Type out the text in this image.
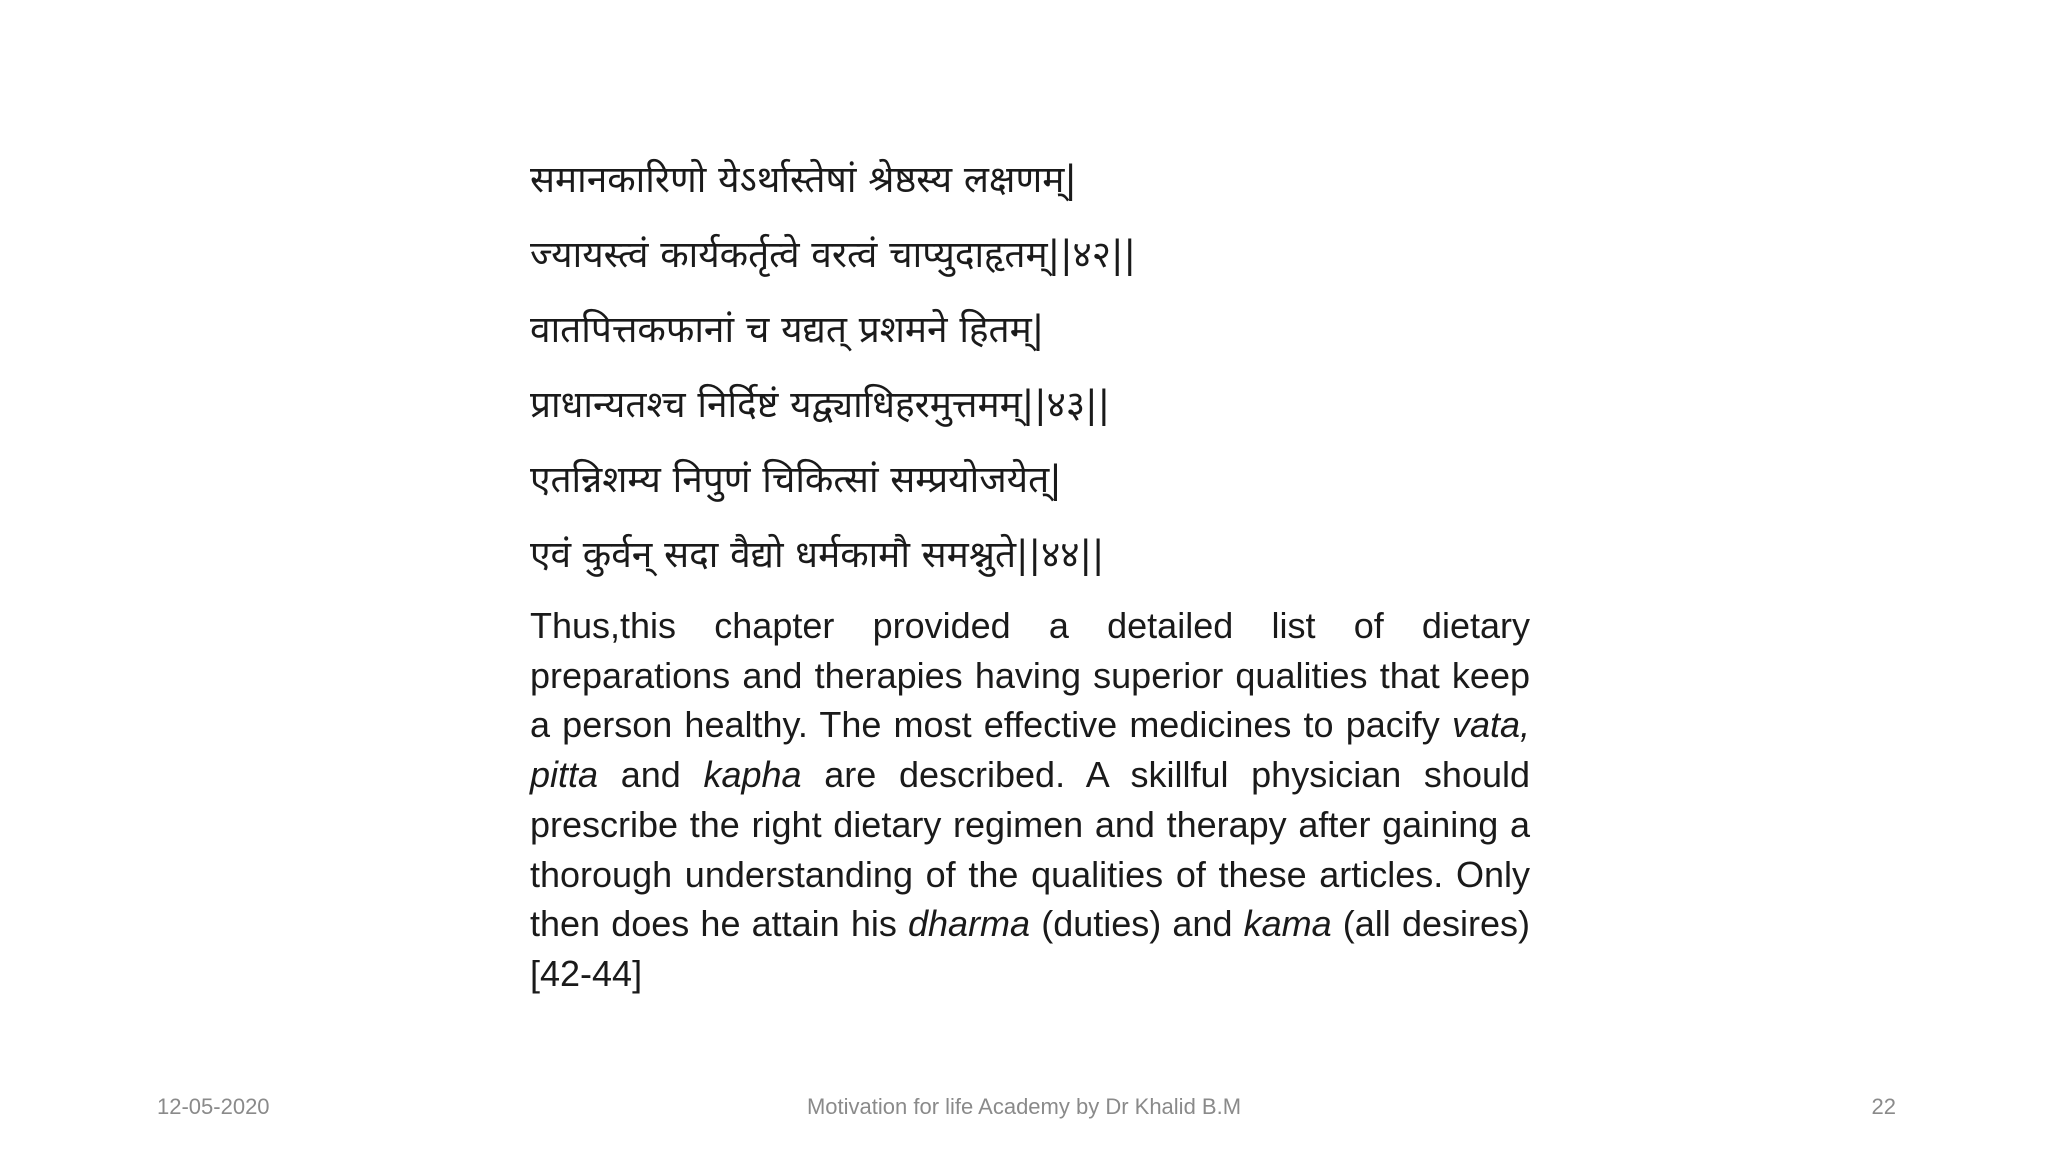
समानकारिणो येऽर्थास्तेषां श्रेष्ठस्य लक्षणम्|
ज्यायस्त्वं कार्यकर्तृत्वे वरत्वं चाप्युदाहृतम्||४२||
वातपित्तकफानां च यद्यत् प्रशमने हितम्|
प्राधान्यतश्च निर्दिष्टं यद्व्याधिहरमुत्तमम्||४३||
एतन्निशम्य निपुणं चिकित्सां सम्प्रयोजयेत्|
एवं कुर्वन् सदा वैद्यो धर्मकामौ समश्नुते||४४||
Thus,this chapter provided a detailed list of dietary preparations and therapies having superior qualities that keep a person healthy. The most effective medicines to pacify vata, pitta and kapha are described. A skillful physician should prescribe the right dietary regimen and therapy after gaining a thorough understanding of the qualities of these articles. Only then does he attain his dharma (duties) and kama (all desires) [42-44]
12-05-2020	Motivation for life Academy by Dr Khalid B.M	22
